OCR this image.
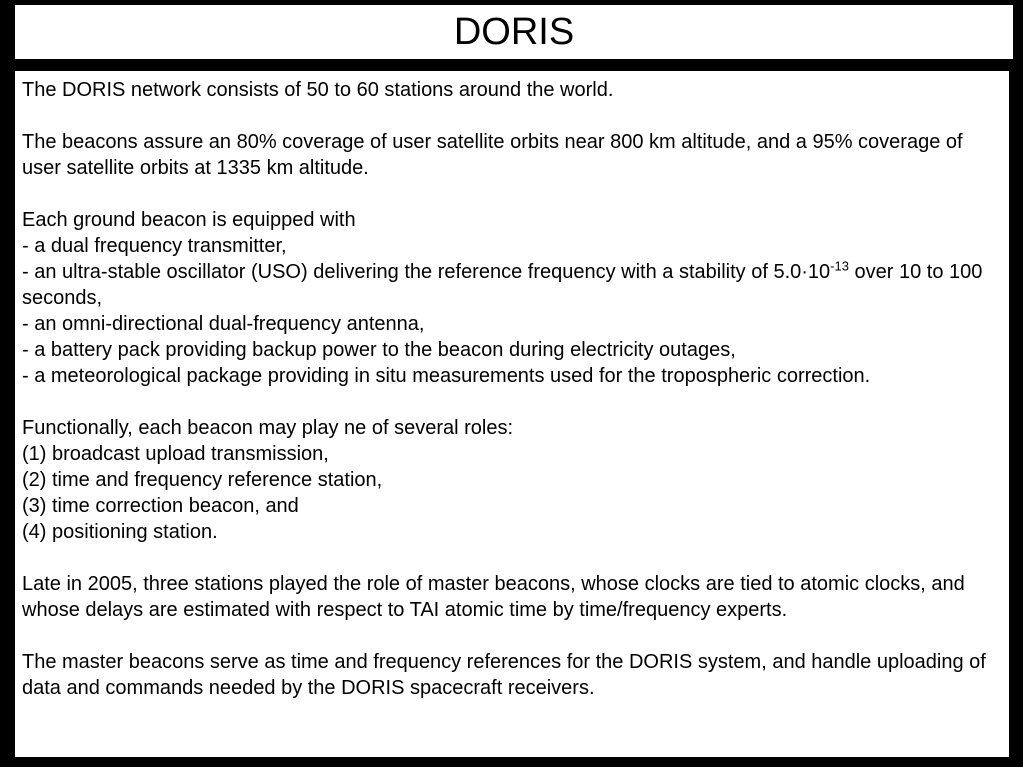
DORIS

The DORIS network consists of 50 to 60 stations around the world.

The beacons assure an 80% coverage of user satellite orbits near 800 km altitude, and a 95% coverage of user satellite orbits at 1335 km altitude.

Each ground beacon is equipped with
- a dual frequency transmitter,
- an ultra-stable oscillator (USO) delivering the reference frequency with a stability of $5.0\cdot 10^{-13}$ over 10 to 100 seconds,
- an omni-directional dual-frequency antenna,
- a battery pack providing backup power to the beacon during electricity outages,
- a meteorological package providing in situ measurements used for the tropospheric correction.
Functionally, each beacon may play ne of several roles:
(1) broadcast upload transmission,
(2) time and frequency reference station,
(3) time correction beacon, and
(4) positioning station.

Late in 2005, three stations played the role of master beacons, whose clocks are tied to atomic clocks, and whose delays are estimated with respect to TAI atomic time by time/frequency experts.

The master beacons serve as time and frequency references for the DORIS system, and handle uploading of data and commands needed by the DORIS spacecraft receivers.
